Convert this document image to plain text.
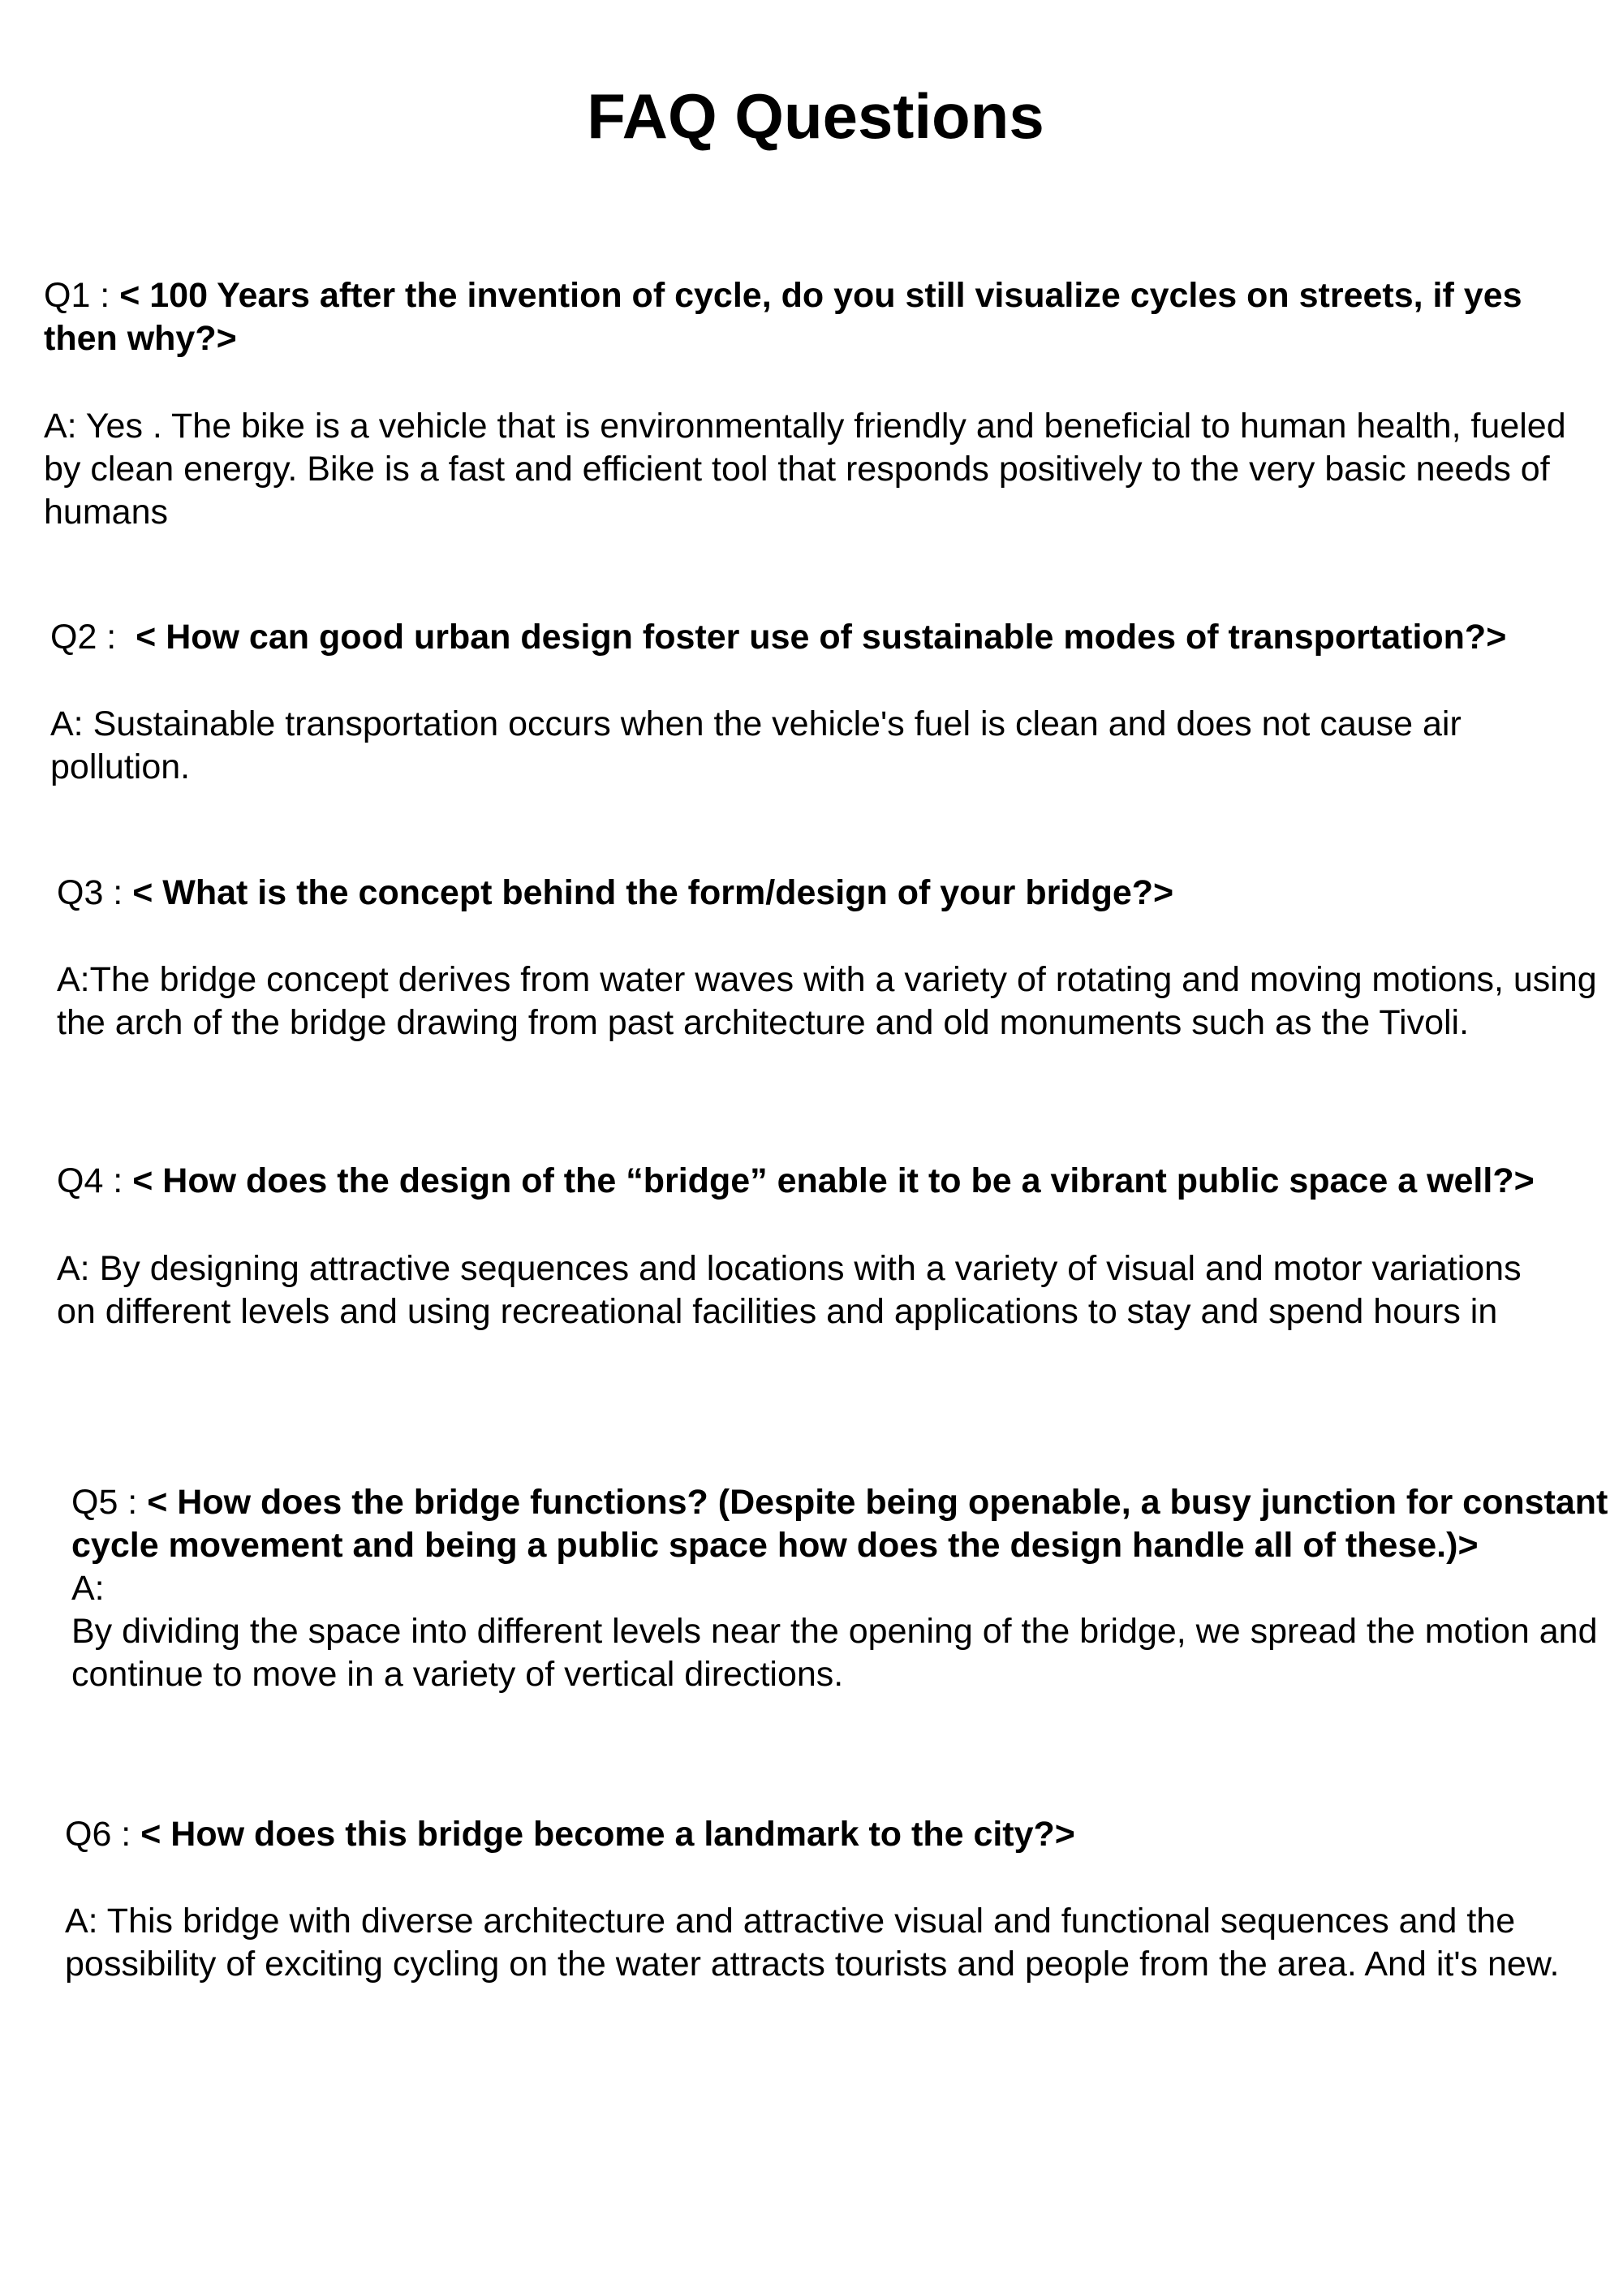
FAQ Questions

Q1 : < 100 Years after the invention of cycle, do you still visualize cycles on streets, if yes then why?>

A: Yes . The bike is a vehicle that is environmentally friendly and beneficial to human health, fueled by clean energy. Bike is a fast and efficient tool that responds positively to the very basic needs of humans

Q2 :  < How can good urban design foster use of sustainable modes of transportation?>

A: Sustainable transportation occurs when the vehicle's fuel is clean and does not cause air pollution.

Q3 : < What is the concept behind the form/design of your bridge?>

A:The bridge concept derives from water waves with a variety of rotating and moving motions, using the arch of the bridge drawing from past architecture and old monuments such as the Tivoli.

Q4 : < How does the design of the “bridge” enable it to be a vibrant public space a well?>

A: By designing attractive sequences and locations with a variety of visual and motor variations on different levels and using recreational facilities and applications to stay and spend hours in

Q5 : < How does the bridge functions? (Despite being openable, a busy junction for constant cycle movement and being a public space how does the design handle all of these.)>

A:

By dividing the space into different levels near the opening of the bridge, we spread the motion and continue to move in a variety of vertical directions.

Q6 : < How does this bridge become a landmark to the city?>

A: This bridge with diverse architecture and attractive visual and functional sequences and the possibility of exciting cycling on the water attracts tourists and people from the area. And it's new.
